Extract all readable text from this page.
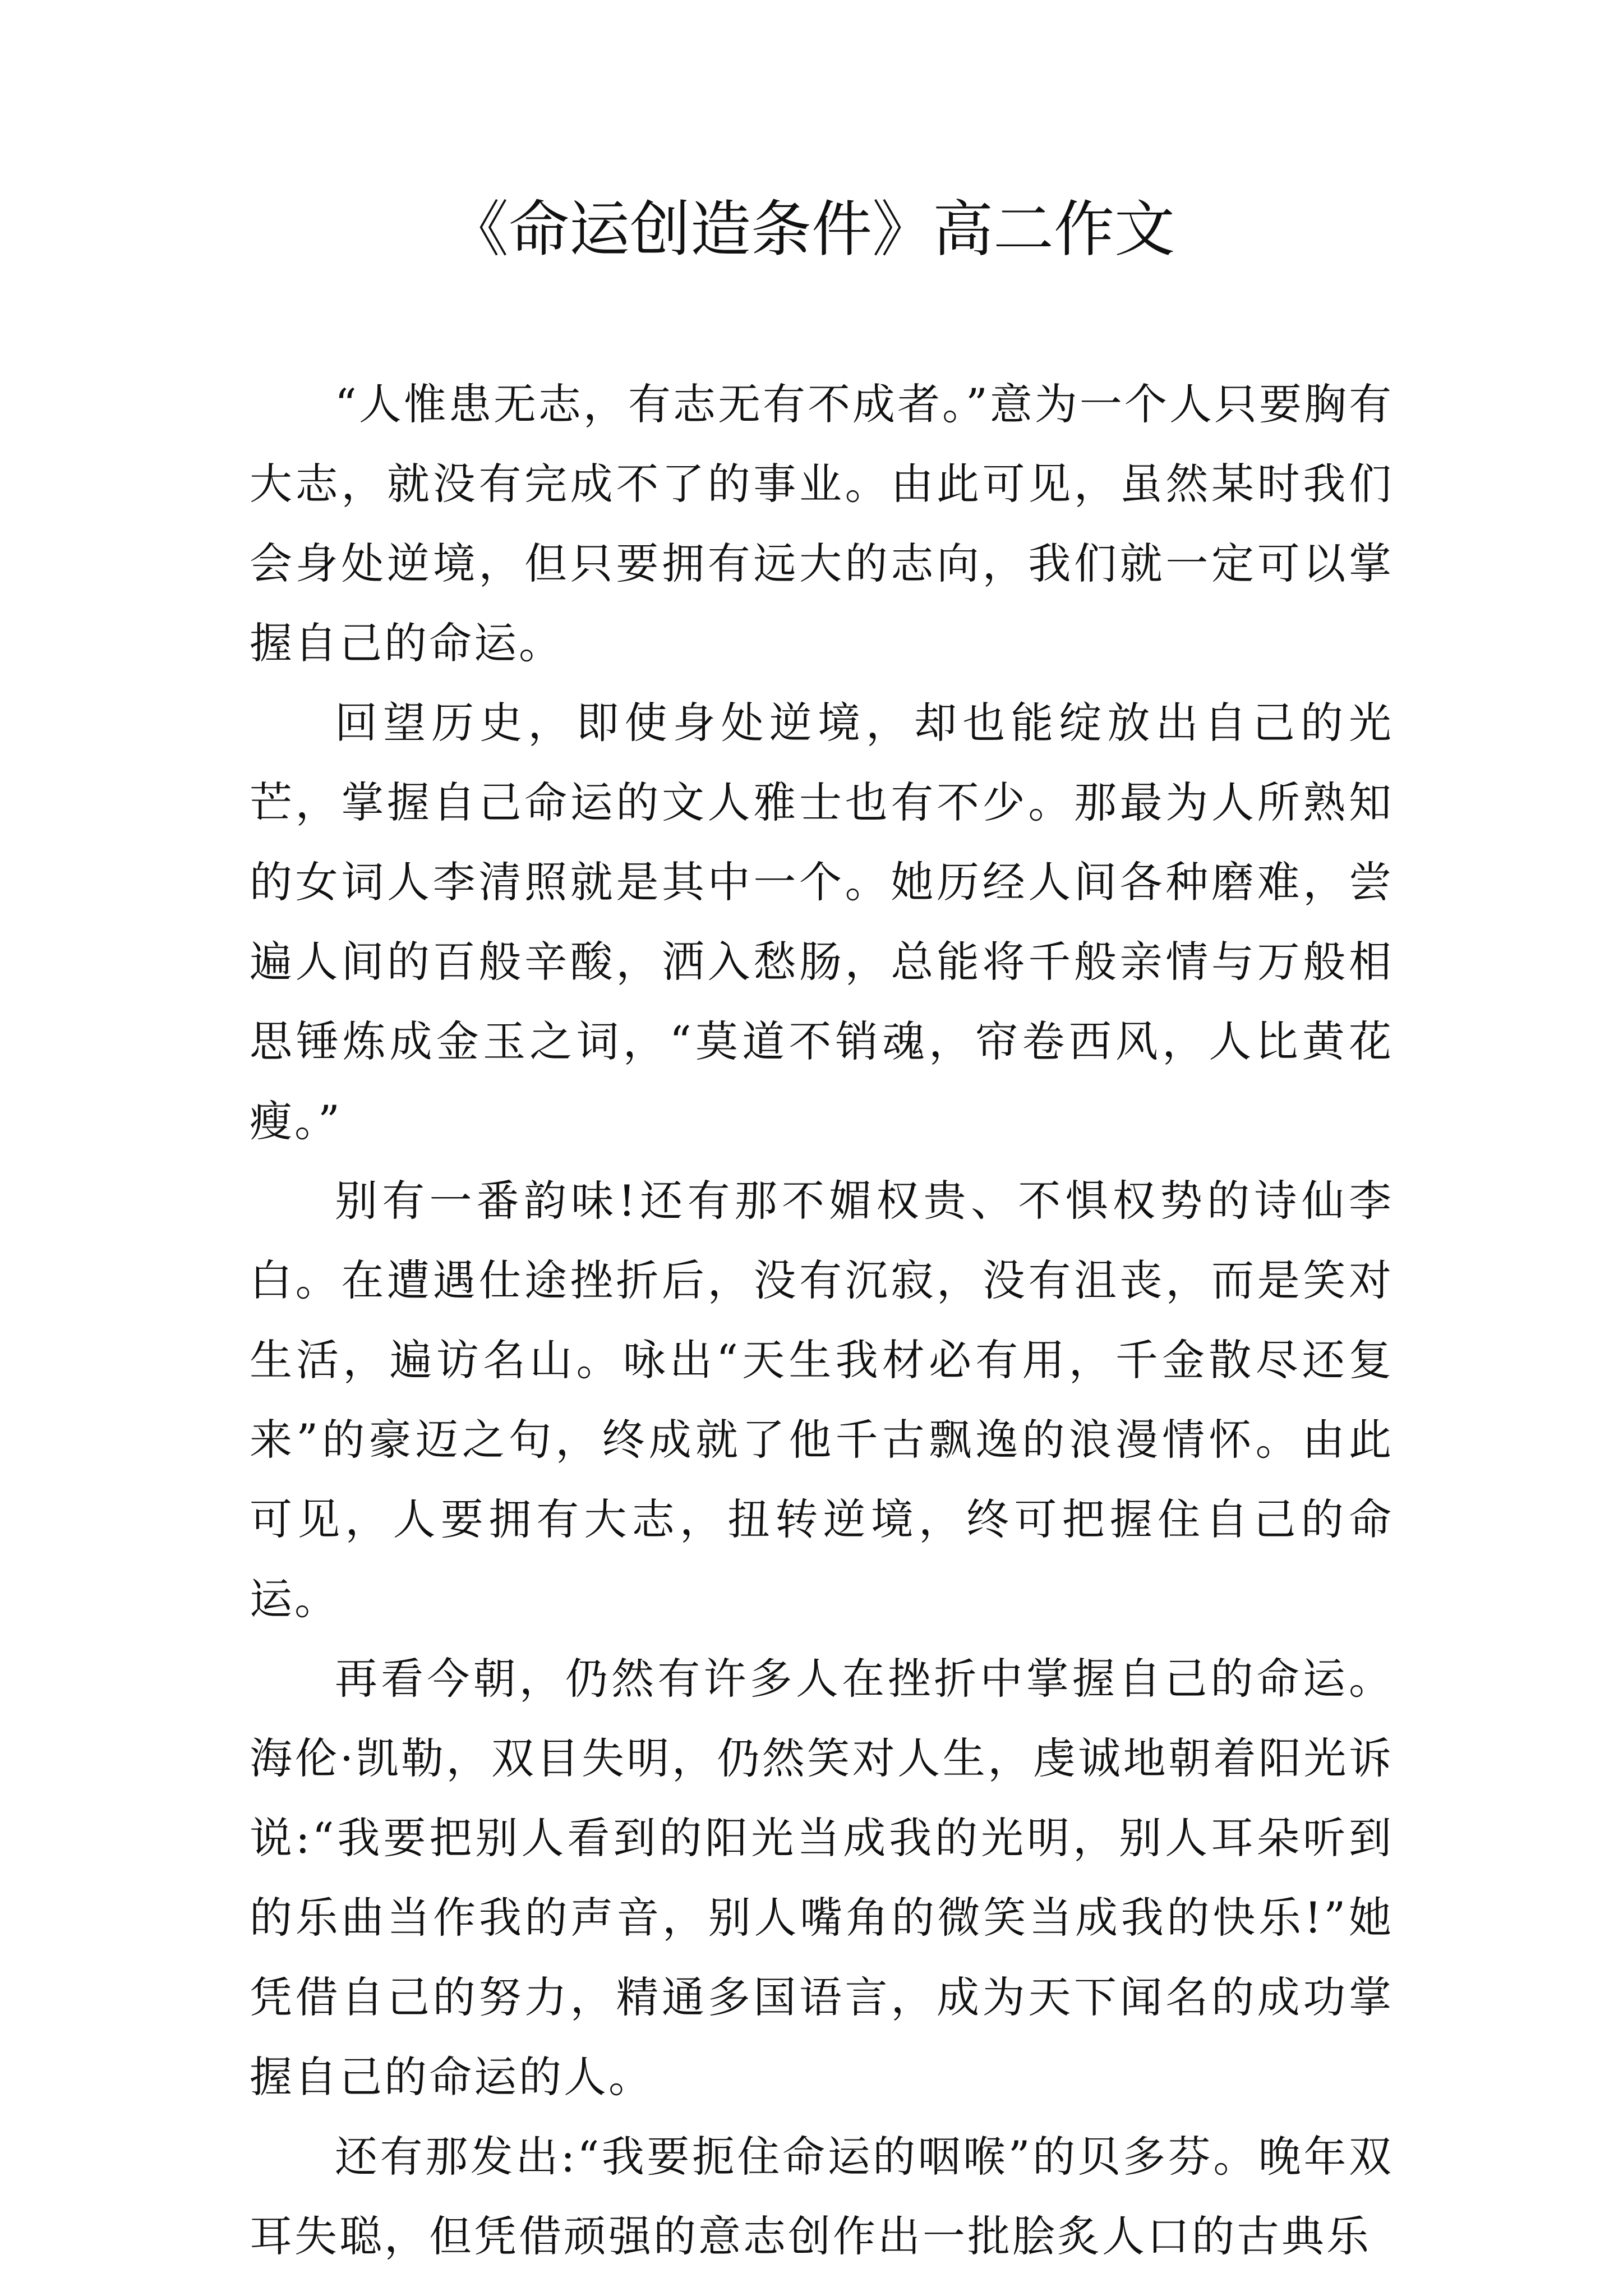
《命运创造条件》高二作文

“人惟患无志，有志无有不成者。”意为一个人只要胸有大志，就没有完成不了的事业。由此可见，虽然某时我们会身处逆境，但只要拥有远大的志向，我们就一定可以掌握自己的命运。

回望历史，即使身处逆境，却也能绽放出自己的光芒，掌握自己命运的文人雅士也有不少。那最为人所熟知的女词人李清照就是其中一个。她历经人间各种磨难，尝遍人间的百般辛酸，洒入愁肠，总能将千般亲情与万般相思锤炼成金玉之词，“莫道不销魂，帘卷西风，人比黄花瘦。”

别有一番韵味!还有那不媚权贵、不惧权势的诗仙李白。在遭遇仕途挫折后，没有沉寂，没有沮丧，而是笑对生活，遍访名山。咏出“天生我材必有用，千金散尽还复来”的豪迈之句，终成就了他千古飘逸的浪漫情怀。由此可见，人要拥有大志，扭转逆境，终可把握住自己的命运。

再看今朝，仍然有许多人在挫折中掌握自己的命运。海伦·凯勒，双目失明，仍然笑对人生，虔诚地朝着阳光诉说:“我要把别人看到的阳光当成我的光明，别人耳朵听到的乐曲当作我的声音，别人嘴角的微笑当成我的快乐!”她凭借自己的努力，精通多国语言，成为天下闻名的成功掌握自己的命运的人。

还有那发出:“我要扼住命运的咽喉”的贝多芬。晚年双耳失聪，但凭借顽强的意志创作出一批脍炙人口的古典乐
